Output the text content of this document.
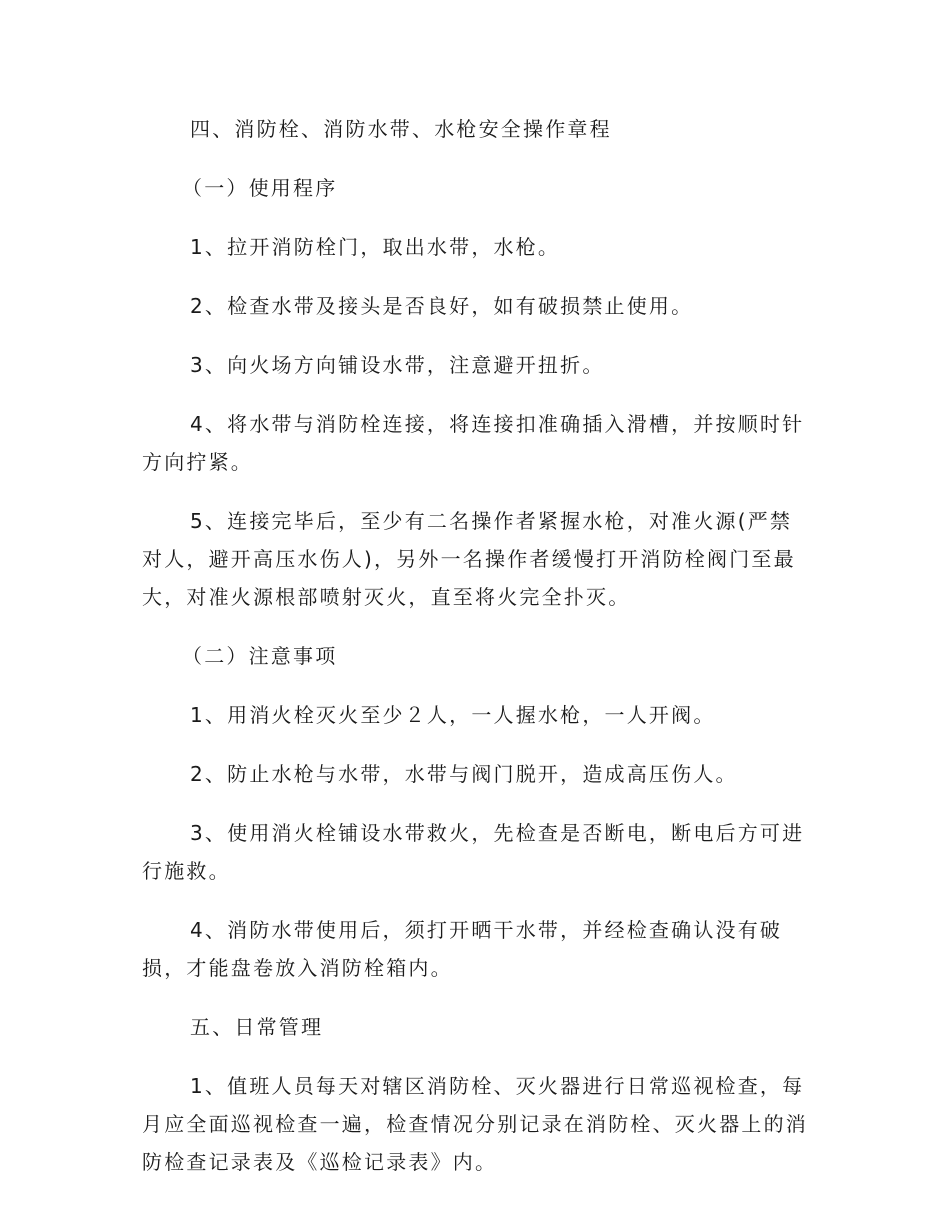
四、消防栓、消防水带、水枪安全操作章程

（一）使用程序

1、拉开消防栓门，取出水带，水枪。

2、检查水带及接头是否良好，如有破损禁止使用。

3、向火场方向铺设水带，注意避开扭折。

4、将水带与消防栓连接，将连接扣准确插入滑槽，并按顺时针方向拧紧。

5、连接完毕后，至少有二名操作者紧握水枪，对准火源(严禁对人，避开高压水伤人)，另外一名操作者缓慢打开消防栓阀门至最大，对准火源根部喷射灭火，直至将火完全扑灭。

（二）注意事项

1、用消火栓灭火至少２人，一人握水枪，一人开阀。

2、防止水枪与水带，水带与阀门脱开，造成高压伤人。

3、使用消火栓铺设水带救火，先检查是否断电，断电后方可进行施救。

4、消防水带使用后，须打开晒干水带，并经检查确认没有破损，才能盘卷放入消防栓箱内。

五、日常管理

1、值班人员每天对辖区消防栓、灭火器进行日常巡视检查，每月应全面巡视检查一遍，检查情况分别记录在消防栓、灭火器上的消防检查记录表及《巡检记录表》内。
